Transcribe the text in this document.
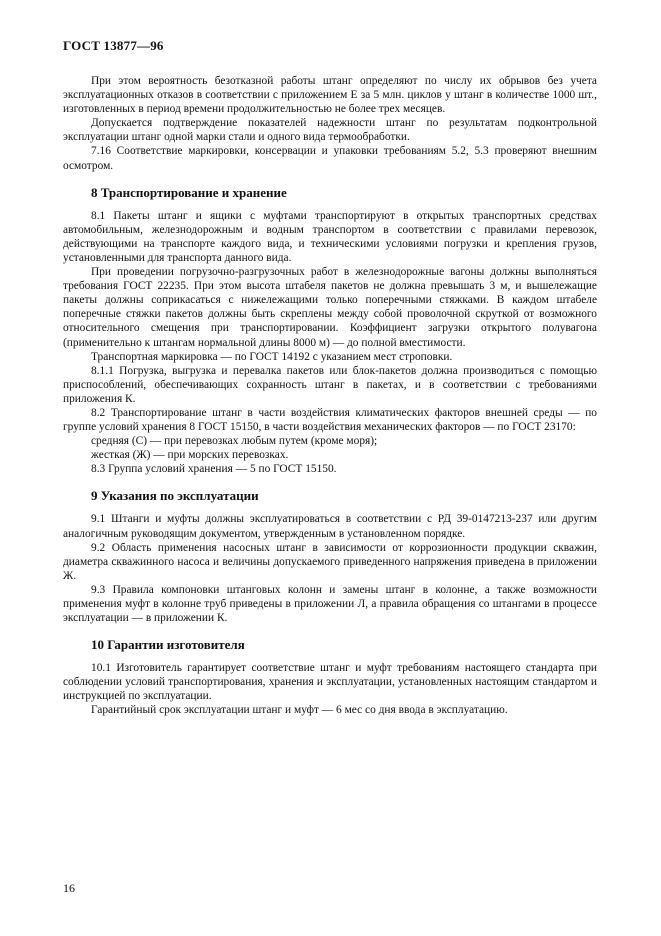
ГОСТ 13877—96

При этом вероятность безотказной работы штанг определяют по числу их обрывов без учета эксплуатационных отказов в соответствии с приложением Е за 5 млн. циклов у штанг в количестве 1000 шт., изготовленных в период времени продолжительностью не более трех месяцев.

Допускается подтверждение показателей надежности штанг по результатам подконтрольной эксплуатации штанг одной марки стали и одного вида термообработки.

7.16 Соответствие маркировки, консервации и упаковки требованиям 5.2, 5.3 проверяют внешним осмотром.

8 Транспортирование и хранение

8.1 Пакеты штанг и ящики с муфтами транспортируют в открытых транспортных средствах автомобильным, железнодорожным и водным транспортом в соответствии с правилами перевозок, действующими на транспорте каждого вида, и техническими условиями погрузки и крепления грузов, установленными для транспорта данного вида.

При проведении погрузочно-разгрузочных работ в железнодорожные вагоны должны выполняться требования ГОСТ 22235. При этом высота штабеля пакетов не должна превышать 3 м, и вышележащие пакеты должны соприкасаться с нижележащими только поперечными стяжками. В каждом штабеле поперечные стяжки пакетов должны быть скреплены между собой проволочной скруткой от возможного относительного смещения при транспортировании. Коэффициент загрузки открытого полувагона (применительно к штангам нормальной длины 8000 м) — до полной вместимости.

Транспортная маркировка — по ГОСТ 14192 с указанием мест строповки.

8.1.1 Погрузка, выгрузка и перевалка пакетов или блок-пакетов должна производиться с помощью приспособлений, обеспечивающих сохранность штанг в пакетах, и в соответствии с требованиями приложения К.

8.2 Транспортирование штанг в части воздействия климатических факторов внешней среды — по группе условий хранения 8 ГОСТ 15150, в части воздействия механических факторов — по ГОСТ 23170:

средняя (С) — при перевозках любым путем (кроме моря);

жесткая (Ж) — при морских перевозках.

8.3 Группа условий хранения — 5 по ГОСТ 15150.

9 Указания по эксплуатации

9.1 Штанги и муфты должны эксплуатироваться в соответствии с РД 39-0147213-237 или другим аналогичным руководящим документом, утвержденным в установленном порядке.

9.2 Область применения насосных штанг в зависимости от коррозионности продукции скважин, диаметра скважинного насоса и величины допускаемого приведенного напряжения приведена в приложении Ж.

9.3 Правила компоновки штанговых колонн и замены штанг в колонне, а также возможности применения муфт в колонне труб приведены в приложении Л, а правила обращения со штангами в процессе эксплуатации — в приложении К.

10 Гарантии изготовителя

10.1 Изготовитель гарантирует соответствие штанг и муфт требованиям настоящего стандарта при соблюдении условий транспортирования, хранения и эксплуатации, установленных настоящим стандартом и инструкцией по эксплуатации.

Гарантийный срок эксплуатации штанг и муфт — 6 мес со дня ввода в эксплуатацию.

16
